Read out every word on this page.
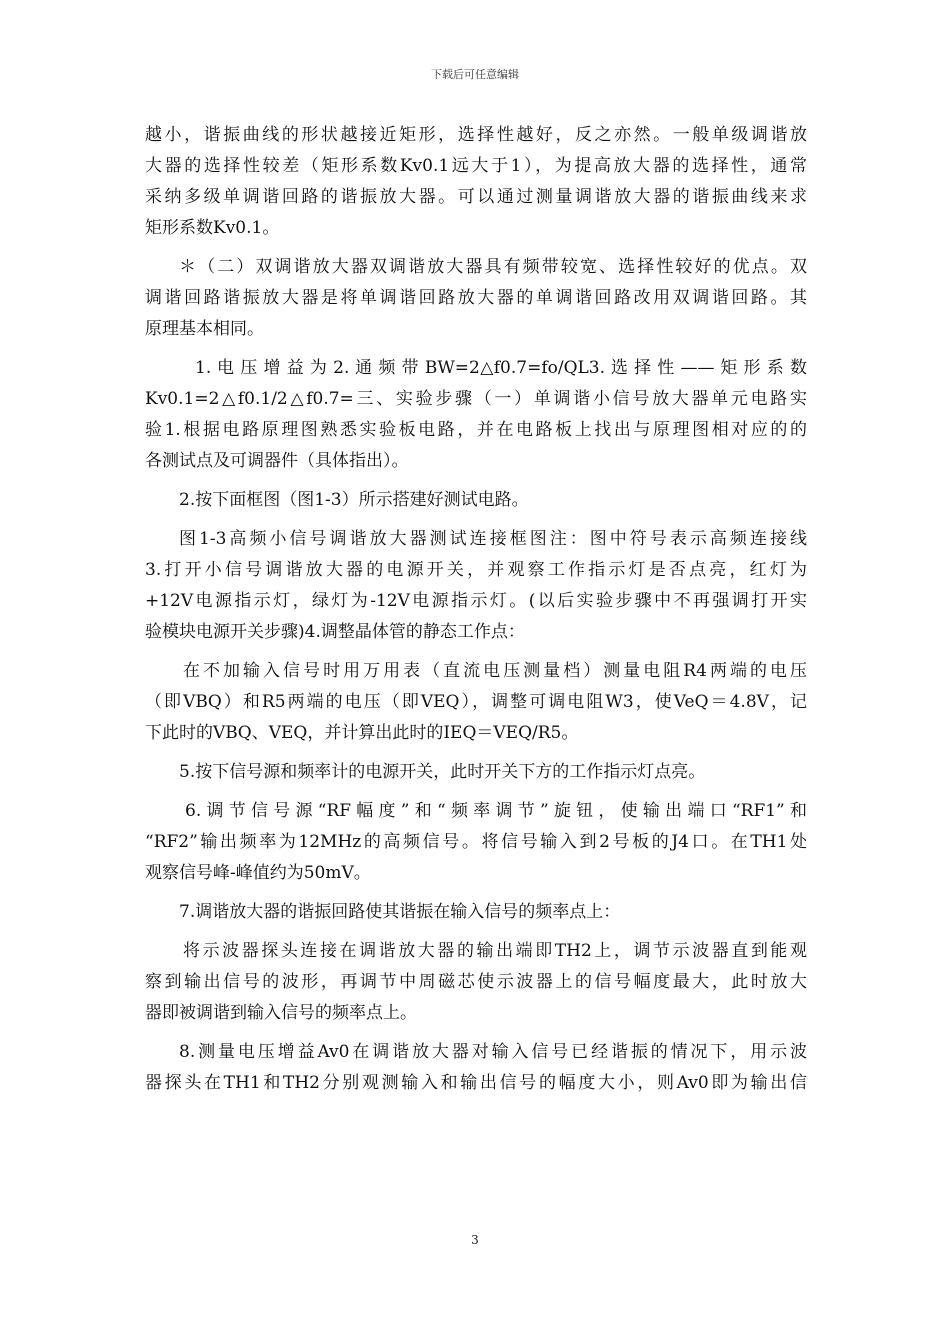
下载后可任意编辑
越小，谐振曲线的形状越接近矩形，选择性越好，反之亦然。一般单级调谐放
大器的选择性较差（矩形系数Kv0.1远大于1），为提高放大器的选择性，通常
采纳多级单调谐回路的谐振放大器。可以通过测量调谐放大器的谐振曲线来求
矩形系数Kv0.1。
＊（二）双调谐放大器双调谐放大器具有频带较宽、选择性较好的优点。双
调谐回路谐振放大器是将单调谐回路放大器的单调谐回路改用双调谐回路。其
原理基本相同。
1. 电 压 增 益 为 2. 通 频 带 BW=2△f0.7=fo/QL3. 选 择 性 —— 矩 形 系 数
Kv0.1=2△f0.1/2△f0.7=三、实验步骤（一）单调谐小信号放大器单元电路实
验1.根据电路原理图熟悉实验板电路，并在电路板上找出与原理图相对应的的
各测试点及可调器件（具体指出）。
2.按下面框图（图1-3）所示搭建好测试电路。
图1-3高频小信号调谐放大器测试连接框图注：图中符号表示高频连接线
3.打开小信号调谐放大器的电源开关，并观察工作指示灯是否点亮，红灯为
+12V电源指示灯，绿灯为-12V电源指示灯。(以后实验步骤中不再强调打开实
验模块电源开关步骤)4.调整晶体管的静态工作点：
在不加输入信号时用万用表（直流电压测量档）测量电阻R4两端的电压
（即VBQ）和R5两端的电压（即VEQ），调整可调电阻W3，使VeQ＝4.8V，记
下此时的VBQ、VEQ，并计算出此时的IEQ＝VEQ/R5。
5.按下信号源和频率计的电源开关，此时开关下方的工作指示灯点亮。
6.调节信号源“RF幅度”和“频率调节”旋钮，使输出端口“RF1”和
“RF2”输出频率为12MHz的高频信号。将信号输入到2号板的J4口。在TH1处
观察信号峰-峰值约为50mV。
7.调谐放大器的谐振回路使其谐振在输入信号的频率点上：
将示波器探头连接在调谐放大器的输出端即TH2上，调节示波器直到能观
察到输出信号的波形，再调节中周磁芯使示波器上的信号幅度最大，此时放大
器即被调谐到输入信号的频率点上。
8.测量电压增益Av0在调谐放大器对输入信号已经谐振的情况下，用示波
器探头在TH1和TH2分别观测输入和输出信号的幅度大小，则Av0即为输出信
3
